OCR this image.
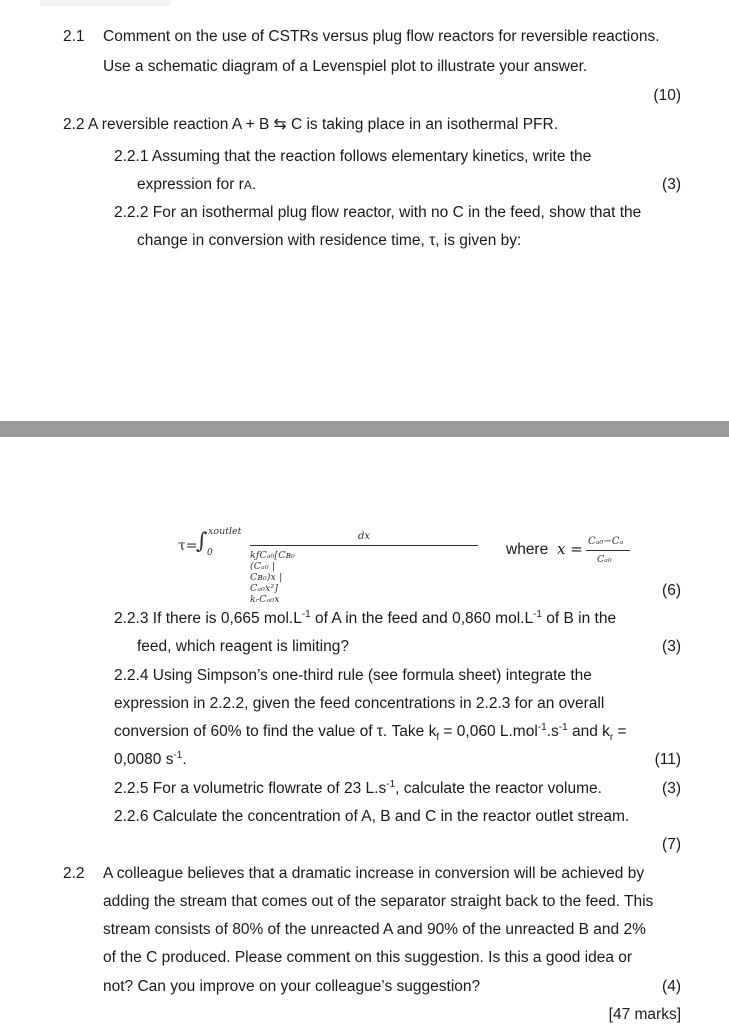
2.1 Comment on the use of CSTRs versus plug flow reactors for reversible reactions.
Use a schematic diagram of a Levenspiel plot to illustrate your answer.
(10)
2.2 A reversible reaction A + B ⇆ C is taking place in an isothermal PFR.
2.2.1 Assuming that the reaction follows elementary kinetics, write the
expression for rA.	(3)
2.2.2 For an isothermal plug flow reactor, with no C in the feed, show that the
change in conversion with residence time, τ, is given by:
τ=
∫ xoutlet
0
dx
kƒCₐ₀[Cʙ₀ (Cₐ₀ | Cʙ₀)x | Cₐ₀x²] kᵣCₐ₀x
where x = Cₐ₀−Cₐ
Cₐ₀
(6)
2.2.3 If there is 0,665 $mol.L^{-1}$ of A in the feed and 0,860 $mol.L^{-1}$ of B in the
feed, which reagent is limiting?	(3)
2.2.4 Using Simpson’s one-third rule (see formula sheet) integrate the
expression in 2.2.2, given the feed concentrations in 2.2.3 for an overall
conversion of 60% to find the value of τ. Take $k_f = 0,060$ $L.mol^{-1}.s^{-1}$ and $k_r$ =
0,0080 $s^{-1}$.	(11)
2.2.5 For a volumetric flowrate of 23 $L.s^{-1}$, calculate the reactor volume.	(3)
2.2.6 Calculate the concentration of A, B and C in the reactor outlet stream.
(7)
2.2 A colleague believes that a dramatic increase in conversion will be achieved by
adding the stream that comes out of the separator straight back to the feed. This
stream consists of 80% of the unreacted A and 90% of the unreacted B and 2%
of the C produced. Please comment on this suggestion. Is this a good idea or
not? Can you improve on your colleague’s suggestion?	(4)
[47 marks]
